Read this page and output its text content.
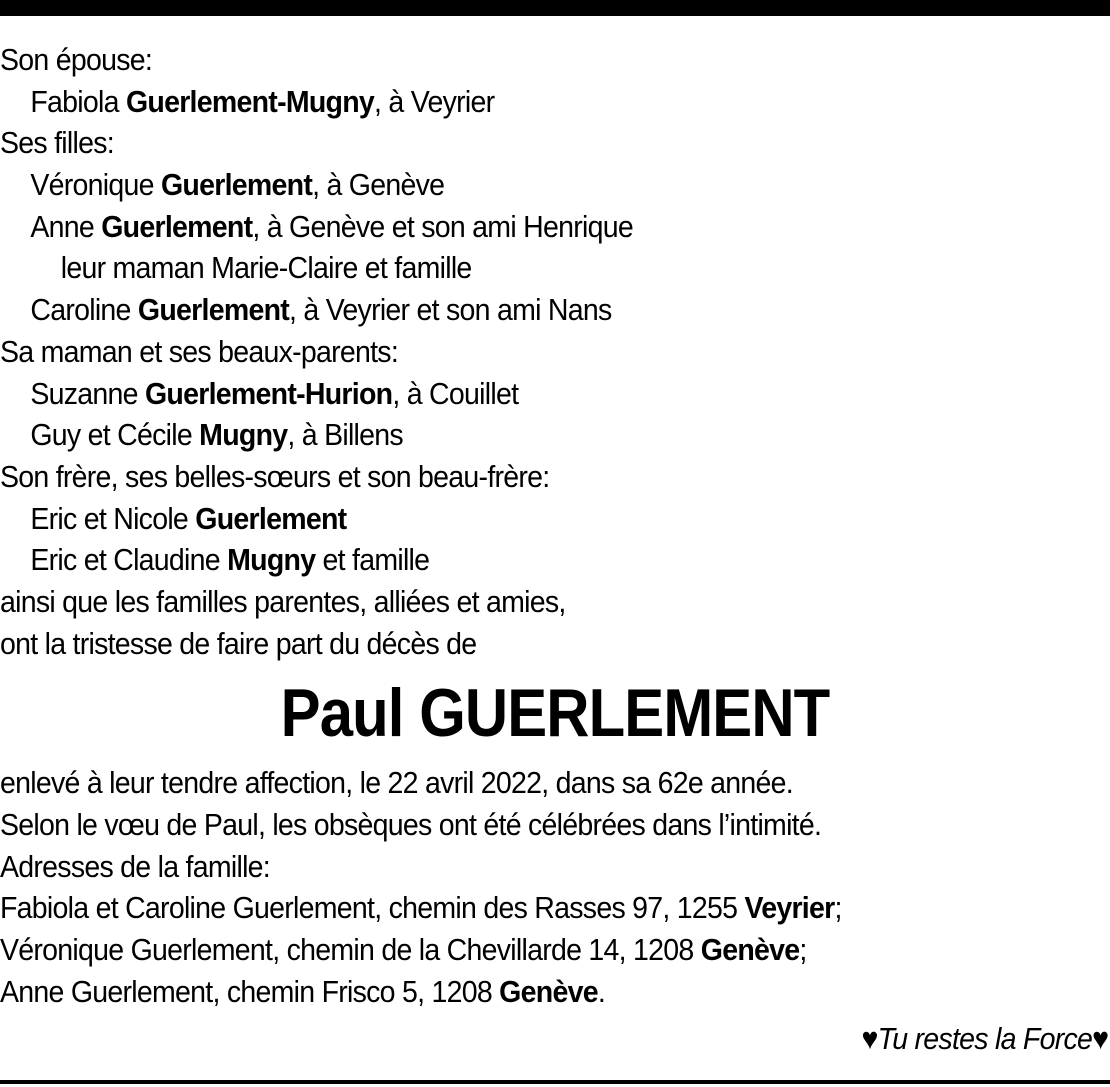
Son épouse:
Fabiola Guerlement-Mugny, à Veyrier
Ses filles:
Véronique Guerlement, à Genève
Anne Guerlement, à Genève et son ami Henrique
leur maman Marie-Claire et famille
Caroline Guerlement, à Veyrier et son ami Nans
Sa maman et ses beaux-parents:
Suzanne Guerlement-Hurion, à Couillet
Guy et Cécile Mugny, à Billens
Son frère, ses belles-sœurs et son beau-frère:
Eric et Nicole Guerlement
Eric et Claudine Mugny et famille
ainsi que les familles parentes, alliées et amies,
ont la tristesse de faire part du décès de
Paul GUERLEMENT
enlevé à leur tendre affection, le 22 avril 2022, dans sa 62e année.
Selon le vœu de Paul, les obsèques ont été célébrées dans l’intimité.
Adresses de la famille:
Fabiola et Caroline Guerlement, chemin des Rasses 97, 1255 Veyrier;
Véronique Guerlement, chemin de la Chevillarde 14, 1208 Genève;
Anne Guerlement, chemin Frisco 5, 1208 Genève.
♥Tu restes la Force♥
